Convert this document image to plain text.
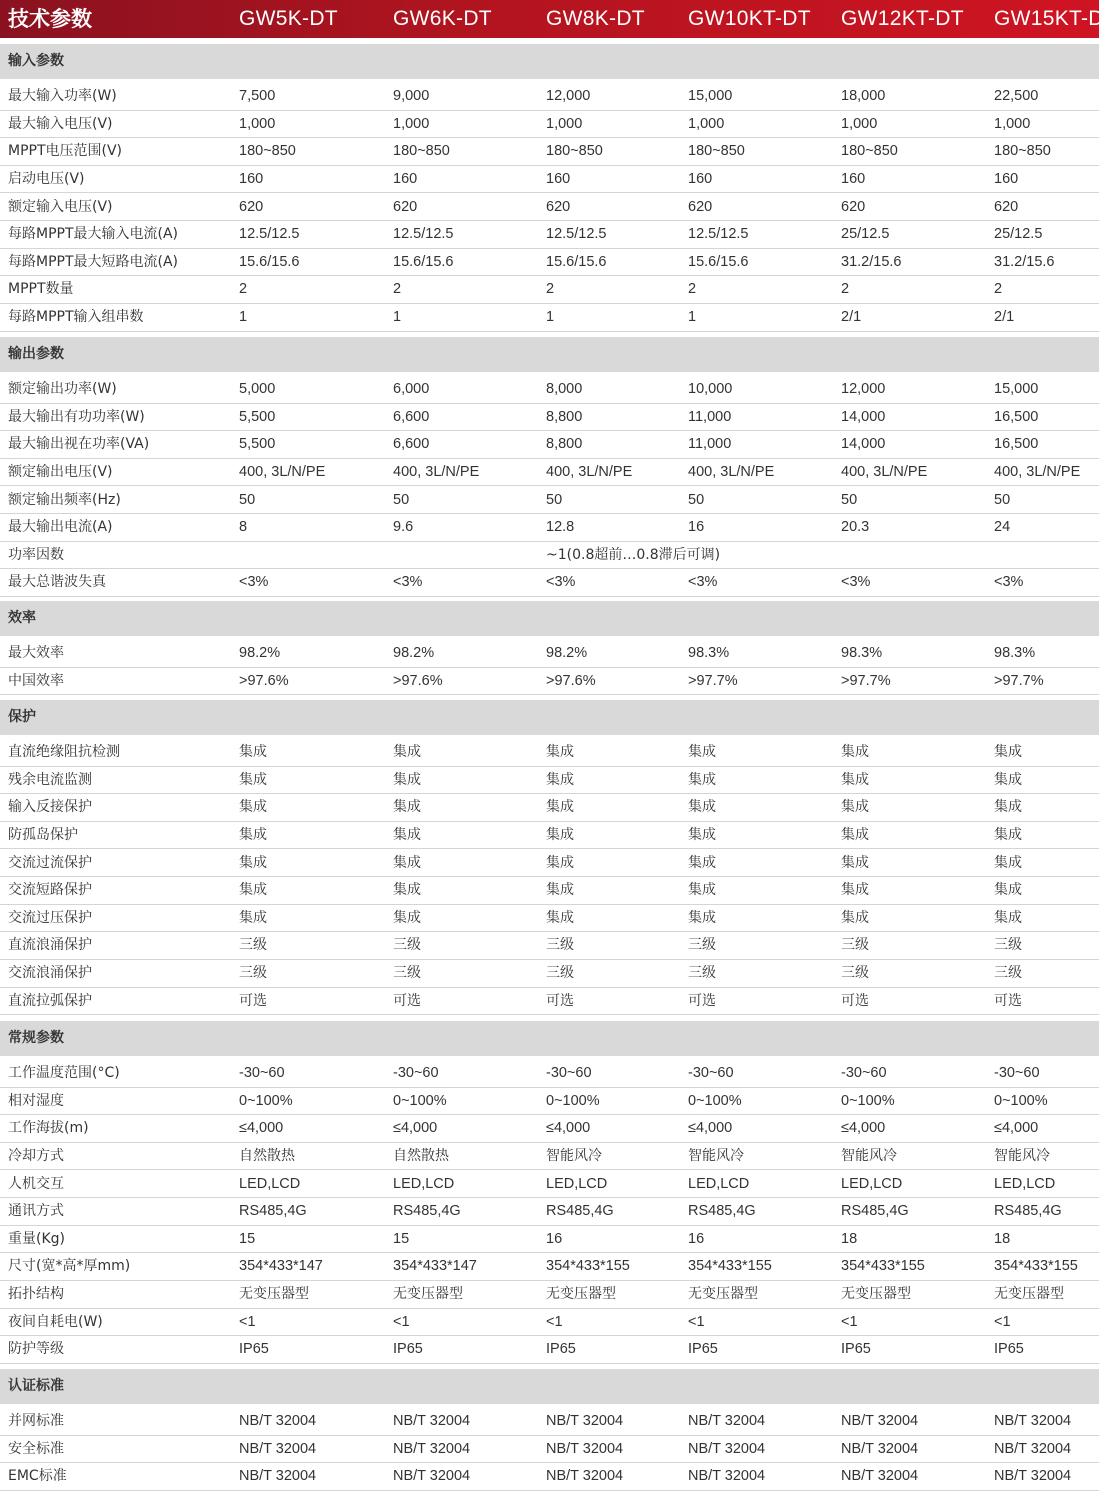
技术参数	GW5K-DT	GW6K-DT	GW8K-DT GW10KT-DT GW12KT-DT GW15KT-DT
输入参数
最大输入功率(W)	7,500	9,000	12,000	15,000	18,000	22,500
最大输入电压(V)	1,000	1,000	1,000	1,000	1,000	1,000
MPPT电压范围(V)	180~850	180~850	180~850	180~850	180~850	180~850
启动电压(V)	160	160	160	160	160	160
额定输入电压(V)	620	620	620	620	620	620
每路MPPT最大输入电流(A)	12.5/12.5	12.5/12.5	12.5/12.5	12.5/12.5	25/12.5	25/12.5
每路MPPT最大短路电流(A)	15.6/15.6	15.6/15.6	15.6/15.6	15.6/15.6	31.2/15.6	31.2/15.6
MPPT数量	2	2	2	2	2	2
每路MPPT输入组串数	1	1	1	1	2/1	2/1
输出参数
额定输出功率(W)	5,000	6,000	8,000	10,000	12,000	15,000
最大输出有功功率(W)	5,500	6,600	8,800	11,000	14,000	16,500
最大输出视在功率(VA)	5,500	6,600	8,800	11,000	14,000	16,500
额定输出电压(V)	400, 3L/N/PE	400, 3L/N/PE	400, 3L/N/PE	400, 3L/N/PE	400, 3L/N/PE	400, 3L/N/PE
额定输出频率(Hz)	50	50	50	50	50	50
最大输出电流(A)	8	9.6	12.8	16	20.3	24
功率因数	~1(0.8超前…0.8滞后可调)
最大总谐波失真	<3%	<3%	<3%	<3%	<3%	<3%
效率
最大效率	98.2%	98.2%	98.2%	98.3%	98.3%	98.3%
中国效率	>97.6%	>97.6%	>97.6%	>97.7%	>97.7%	>97.7%
保护
直流绝缘阻抗检测	集成	集成	集成	集成	集成	集成
残余电流监测	集成	集成	集成	集成	集成	集成
输入反接保护	集成	集成	集成	集成	集成	集成
防孤岛保护	集成	集成	集成	集成	集成	集成
交流过流保护	集成	集成	集成	集成	集成	集成
交流短路保护	集成	集成	集成	集成	集成	集成
交流过压保护	集成	集成	集成	集成	集成	集成
直流浪涌保护	三级	三级	三级	三级	三级	三级
交流浪涌保护	三级	三级	三级	三级	三级	三级
直流拉弧保护	可选	可选	可选	可选	可选	可选
常规参数
工作温度范围(°C)	-30~60	-30~60	-30~60	-30~60	-30~60	-30~60
相对湿度	0~100%	0~100%	0~100%	0~100%	0~100%	0~100%
工作海拔(m)	≤4,000	≤4,000	≤4,000	≤4,000	≤4,000	≤4,000
冷却方式	自然散热	自然散热	智能风冷	智能风冷	智能风冷	智能风冷
人机交互	LED,LCD	LED,LCD	LED,LCD	LED,LCD	LED,LCD	LED,LCD
通讯方式	RS485,4G	RS485,4G	RS485,4G	RS485,4G	RS485,4G	RS485,4G
重量(Kg)	15	15	16	16	18	18
尺寸(宽*高*厚mm)	354*433*147	354*433*147	354*433*155	354*433*155	354*433*155	354*433*155
拓扑结构	无变压器型	无变压器型	无变压器型	无变压器型	无变压器型	无变压器型
夜间自耗电(W)	<1	<1	<1	<1	<1	<1
防护等级	IP65	IP65	IP65	IP65	IP65	IP65
认证标准
并网标准	NB/T 32004	NB/T 32004	NB/T 32004	NB/T 32004	NB/T 32004	NB/T 32004
安全标准	NB/T 32004	NB/T 32004	NB/T 32004	NB/T 32004	NB/T 32004	NB/T 32004
EMC标准	NB/T 32004	NB/T 32004	NB/T 32004	NB/T 32004	NB/T 32004	NB/T 32004
